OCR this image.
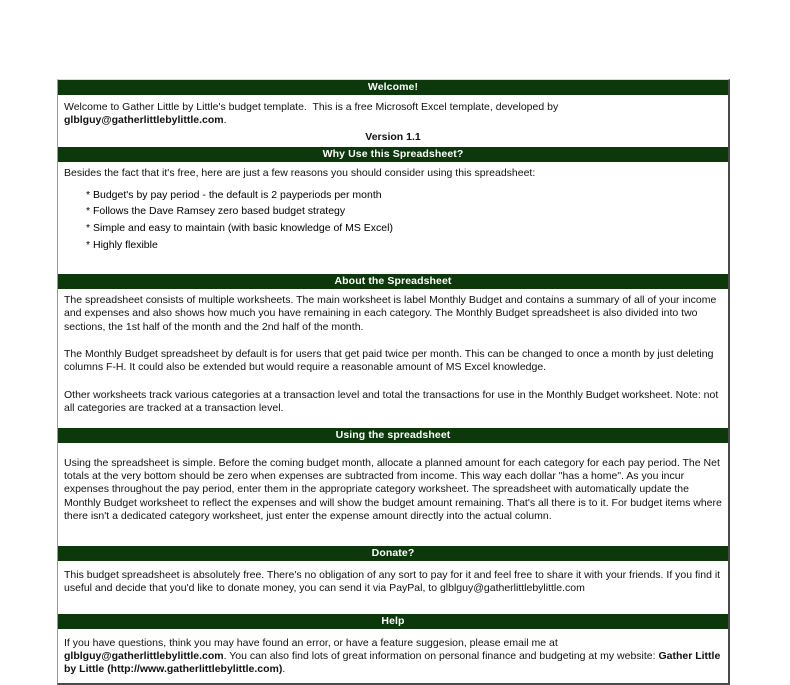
Welcome!
Welcome to Gather Little by Little's budget template.  This is a free Microsoft Excel template, developed by glblguy@gatherlittlebylittle.com.
Version 1.1
Why Use this Spreadsheet?
Besides the fact that it's free, here are just a few reasons you should consider using this spreadsheet:
* Budget's by pay period - the default is 2 payperiods per month
* Follows the Dave Ramsey zero based budget strategy
* Simple and easy to maintain (with basic knowledge of MS Excel)
* Highly flexible
About the Spreadsheet
The spreadsheet consists of multiple worksheets. The main worksheet is label Monthly Budget and contains a summary of all of your income and expenses and also shows how much you have remaining in each category. The Monthly Budget spreadsheet is also divided into two sections, the 1st half of the month and the 2nd half of the month.
The Monthly Budget spreadsheet by default is for users that get paid twice per month. This can be changed to once a month by just deleting columns F-H. It could also be extended but would require a reasonable amount of MS Excel knowledge.
Other worksheets track various categories at a transaction level and total the transactions for use in the Monthly Budget worksheet. Note: not all categories are tracked at a transaction level.
Using the spreadsheet
Using the spreadsheet is simple. Before the coming budget month, allocate a planned amount for each category for each pay period. The Net totals at the very bottom should be zero when expenses are subtracted from income. This way each dollar "has a home". As you incur expenses throughout the pay period, enter them in the appropriate category worksheet. The spreadsheet with automatically update the Monthly Budget worksheet to reflect the expenses and will show the budget amount remaining. That's all there is to it. For budget items where there isn't a dedicated category worksheet, just enter the expense amount directly into the actual column.
Donate?
This budget spreadsheet is absolutely free. There's no obligation of any sort to pay for it and feel free to share it with your friends. If you find it useful and decide that you'd like to donate money, you can send it via PayPal, to glblguy@gatherlittlebylittle.com
Help
If you have questions, think you may have found an error, or have a feature suggesion, please email me at glblguy@gatherlittlebylittle.com. You can also find lots of great information on personal finance and budgeting at my website: Gather Little by Little (http://www.gatherlittlebylittle.com).
